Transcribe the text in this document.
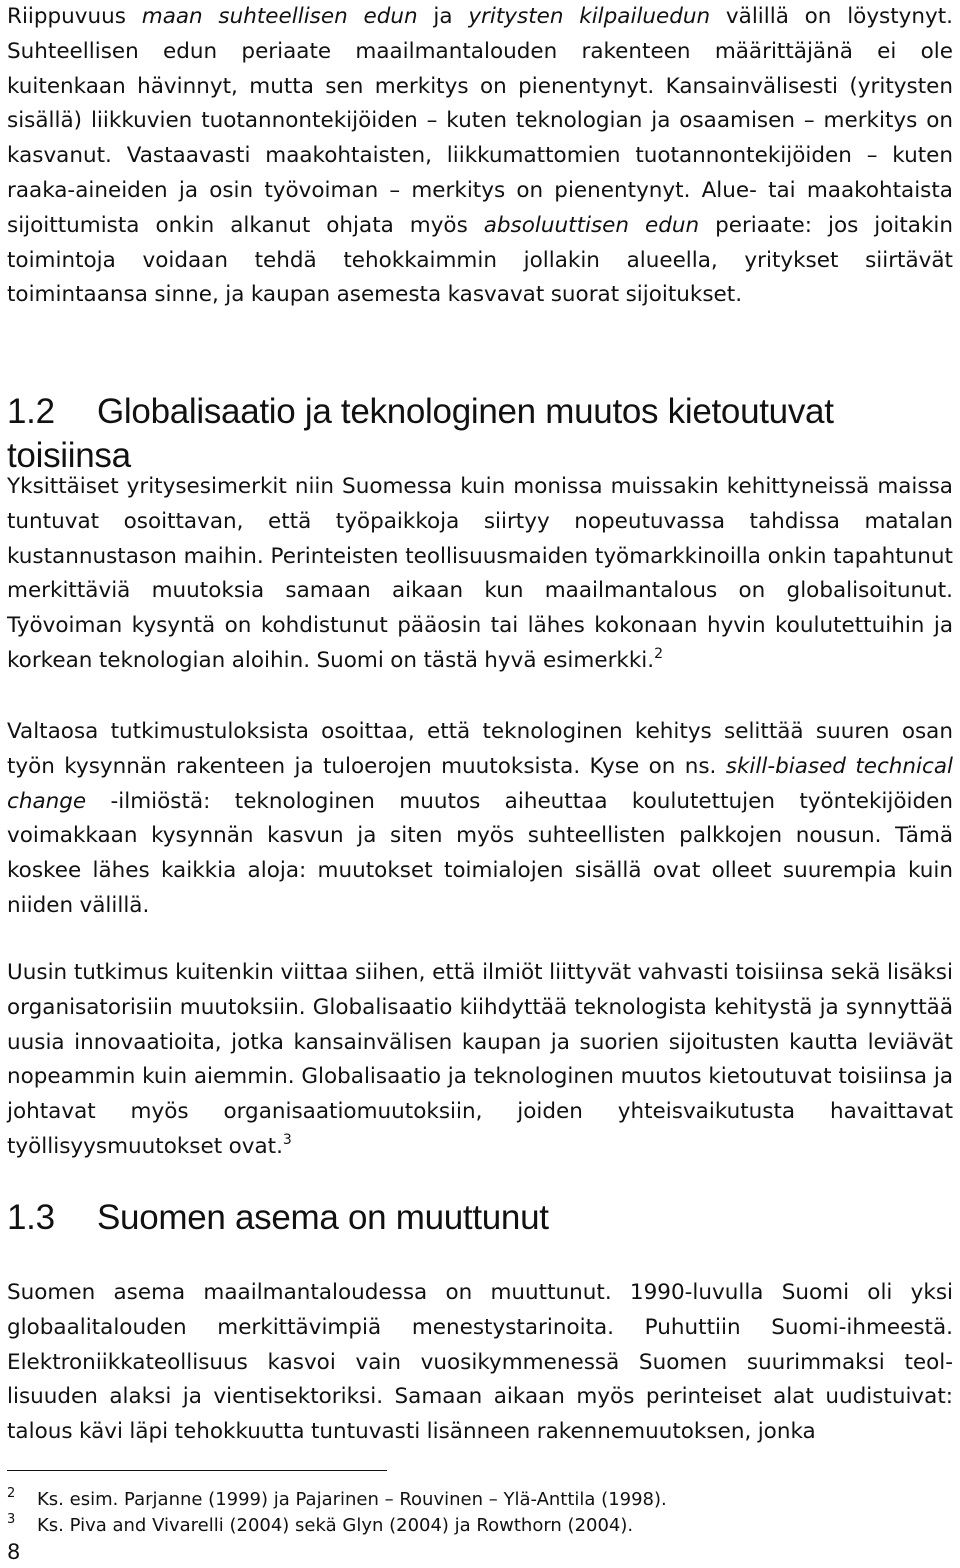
Riippuvuus maan suhteellisen edun ja yritysten kilpailuedun välillä on löystynyt. Suhteellisen edun periaate maailmantalouden rakenteen määrittäjänä ei ole kuitenkaan hävinnyt, mutta sen merkitys on pienentynyt. Kansainvälisesti (yritysten sisällä) liikkuvien tuotannontekijöiden – kuten teknologian ja osaamisen – merkitys on kasvanut. Vastaavasti maakohtaisten, liikkumattomien tuotannontekijöiden – kuten raaka-aineiden ja osin työvoiman – merkitys on pienentynyt. Alue- tai maakohtaista sijoittumista onkin alkanut ohjata myös absoluuttisen edun periaate: jos joitakin toimintoja voidaan tehdä tehokkaimmin jollakin alueella, yritykset siirtävät toimintaansa sinne, ja kaupan asemesta kasvavat suorat sijoitukset.

1.2 Globalisaatio ja teknologinen muutos kietoutuvat toisiinsa

Yksittäiset yritysesimerkit niin Suomessa kuin monissa muissakin kehittyneissä maissa tuntuvat osoittavan, että työpaikkoja siirtyy nopeutuvassa tahdissa matalan kustannustason maihin. Perinteisten teollisuusmaiden työmarkkinoilla onkin tapahtunut merkittäviä muutoksia samaan aikaan kun maailmantalous on globalisoitunut. Työvoiman kysyntä on kohdistunut pääosin tai lähes kokonaan hyvin koulutettuihin ja korkean teknologian aloihin. Suomi on tästä hyvä esimerkki.$^2$

Valtaosa tutkimustuloksista osoittaa, että teknologinen kehitys selittää suuren osan työn kysynnän rakenteen ja tuloerojen muutoksista. Kyse on ns. skill-biased technical change -ilmiöstä: teknologinen muutos aiheuttaa koulutettujen työntekijöiden voimakkaan kysynnän kasvun ja siten myös suhteellisten palkkojen nousun. Tämä koskee lähes kaikkia aloja: muutokset toimialojen sisällä ovat olleet suurempia kuin niiden välillä.

Uusin tutkimus kuitenkin viittaa siihen, että ilmiöt liittyvät vahvasti toisiinsa sekä lisäksi organisatorisiin muutoksiin. Globalisaatio kiihdyttää teknologista kehitystä ja synnyttää uusia innovaatioita, jotka kansainvälisen kaupan ja suorien sijoitusten kautta leviävät nopeammin kuin aiemmin. Globalisaatio ja teknologinen muutos kietoutuvat toisiinsa ja johtavat myös organisaatiomuutoksiin, joiden yhteisvaikutusta havaittavat työllisyysmuutokset ovat.$^3$

1.3 Suomen asema on muuttunut

Suomen asema maailmantaloudessa on muuttunut. 1990-luvulla Suomi oli yksi globaalitalouden merkittävimpiä menestystarinoita. Puhuttiin Suomi-ihmeestä. Elektroniikkateollisuus kasvoi vain vuosikymmenessä Suomen suurimmaksi teollisuuden alaksi ja vientisektoriksi. Samaan aikaan myös perinteiset alat uudistuivat: talous kävi läpi tehokkuutta tuntuvasti lisänneen rakennemuutoksen, jonka

2 Ks. esim. Parjanne (1999) ja Pajarinen – Rouvinen – Ylä-Anttila (1998).
3 Ks. Piva and Vivarelli (2004) sekä Glyn (2004) ja Rowthorn (2004).
8
